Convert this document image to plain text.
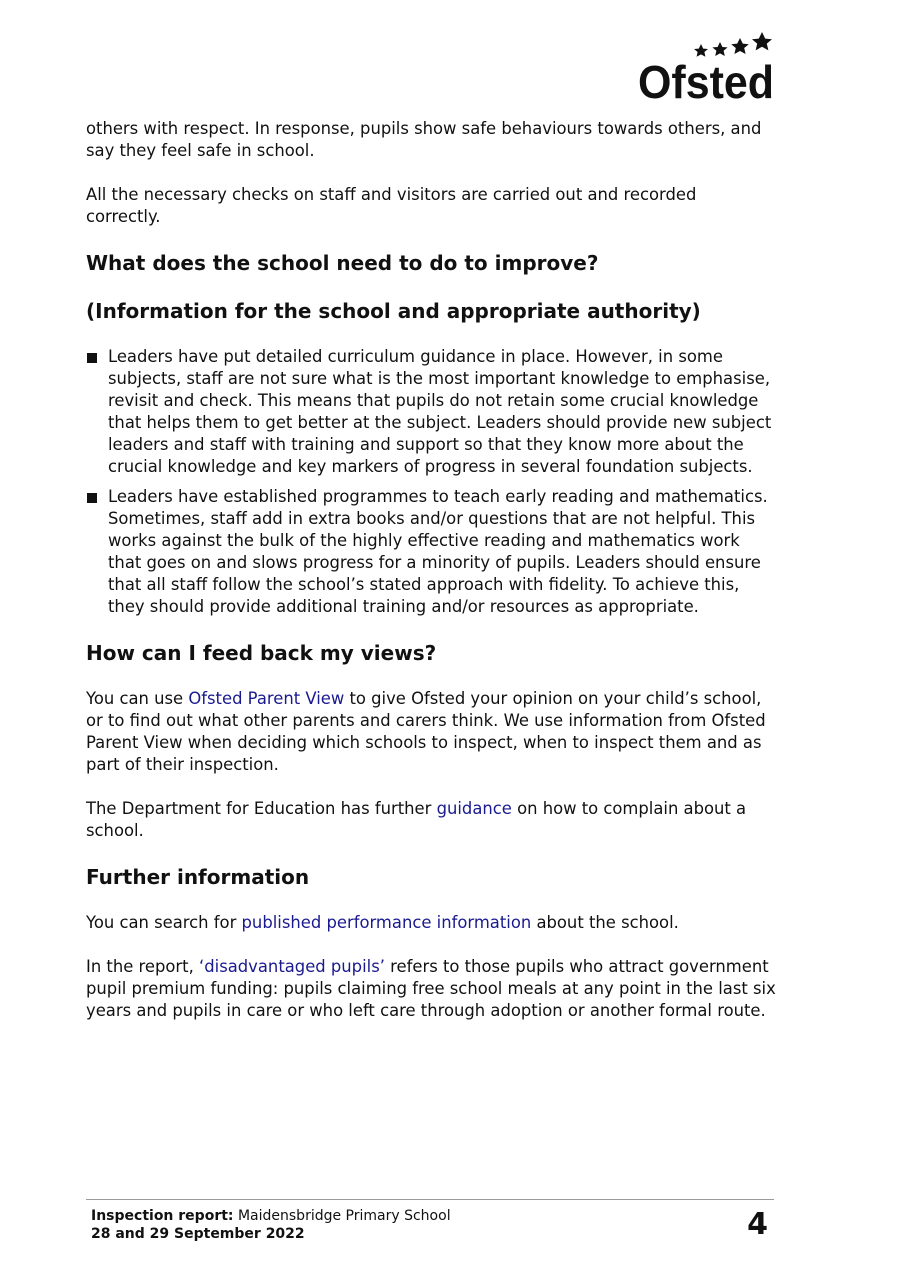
Ofsted

others with respect. In response, pupils show safe behaviours towards others, and say they feel safe in school.

All the necessary checks on staff and visitors are carried out and recorded correctly.

What does the school need to do to improve?
(Information for the school and appropriate authority)
Leaders have put detailed curriculum guidance in place. However, in some subjects, staff are not sure what is the most important knowledge to emphasise, revisit and check. This means that pupils do not retain some crucial knowledge that helps them to get better at the subject. Leaders should provide new subject leaders and staff with training and support so that they know more about the crucial knowledge and key markers of progress in several foundation subjects.
Leaders have established programmes to teach early reading and mathematics. Sometimes, staff add in extra books and/or questions that are not helpful. This works against the bulk of the highly effective reading and mathematics work that goes on and slows progress for a minority of pupils. Leaders should ensure that all staff follow the school’s stated approach with fidelity. To achieve this, they should provide additional training and/or resources as appropriate.
How can I feed back my views?

You can use Ofsted Parent View to give Ofsted your opinion on your child’s school, or to find out what other parents and carers think. We use information from Ofsted Parent View when deciding which schools to inspect, when to inspect them and as part of their inspection.

The Department for Education has further guidance on how to complain about a school.

Further information

You can search for published performance information about the school.

In the report, ‘disadvantaged pupils’ refers to those pupils who attract government pupil premium funding: pupils claiming free school meals at any point in the last six years and pupils in care or who left care through adoption or another formal route.

Inspection report: Maidensbridge Primary School
28 and 29 September 2022	4
